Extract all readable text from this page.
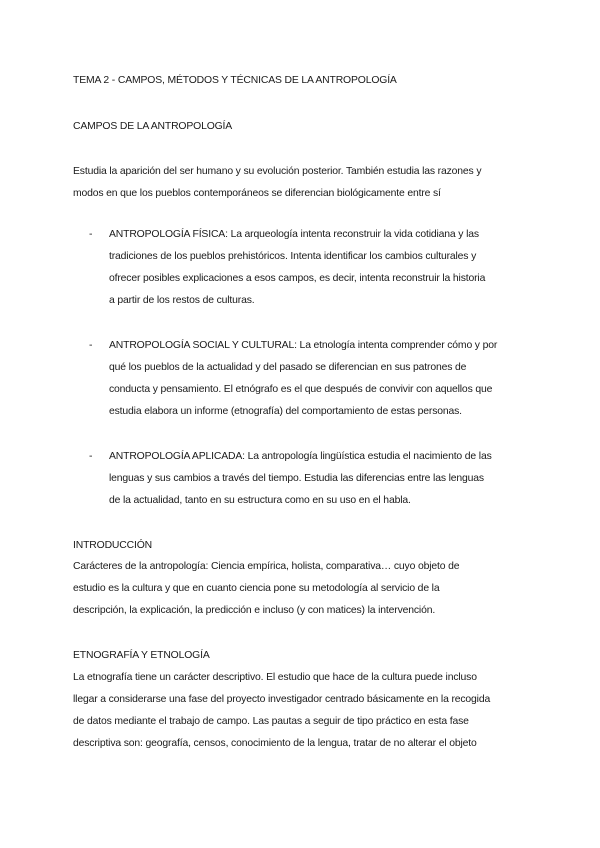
TEMA 2 - CAMPOS, MÉTODOS Y TÉCNICAS DE LA ANTROPOLOGÍA
CAMPOS DE LA ANTROPOLOGÍA
Estudia la aparición del ser humano y su evolución posterior. También estudia las razones y
modos en que los pueblos contemporáneos se diferencian biológicamente entre sí
- ANTROPOLOGÍA FÍSICA: La arqueología intenta reconstruir la vida cotidiana y las
tradiciones de los pueblos prehistóricos. Intenta identificar los cambios culturales y
ofrecer posibles explicaciones a esos campos, es decir, intenta reconstruir la historia
a partir de los restos de culturas.
- ANTROPOLOGÍA SOCIAL Y CULTURAL: La etnología intenta comprender cómo y por
qué los pueblos de la actualidad y del pasado se diferencian en sus patrones de
conducta y pensamiento. El etnógrafo es el que después de convivir con aquellos que
estudia elabora un informe (etnografía) del comportamiento de estas personas.
- ANTROPOLOGÍA APLICADA: La antropología lingüística estudia el nacimiento de las
lenguas y sus cambios a través del tiempo. Estudia las diferencias entre las lenguas
de la actualidad, tanto en su estructura como en su uso en el habla.
INTRODUCCIÓN
Carácteres de la antropología: Ciencia empírica, holista, comparativa… cuyo objeto de
estudio es la cultura y que en cuanto ciencia pone su metodología al servicio de la
descripción, la explicación, la predicción e incluso (y con matices) la intervención.
ETNOGRAFÍA Y ETNOLOGÍA
La etnografía tiene un carácter descriptivo. El estudio que hace de la cultura puede incluso
llegar a considerarse una fase del proyecto investigador centrado básicamente en la recogida
de datos mediante el trabajo de campo. Las pautas a seguir de tipo práctico en esta fase
descriptiva son: geografía, censos, conocimiento de la lengua, tratar de no alterar el objeto
